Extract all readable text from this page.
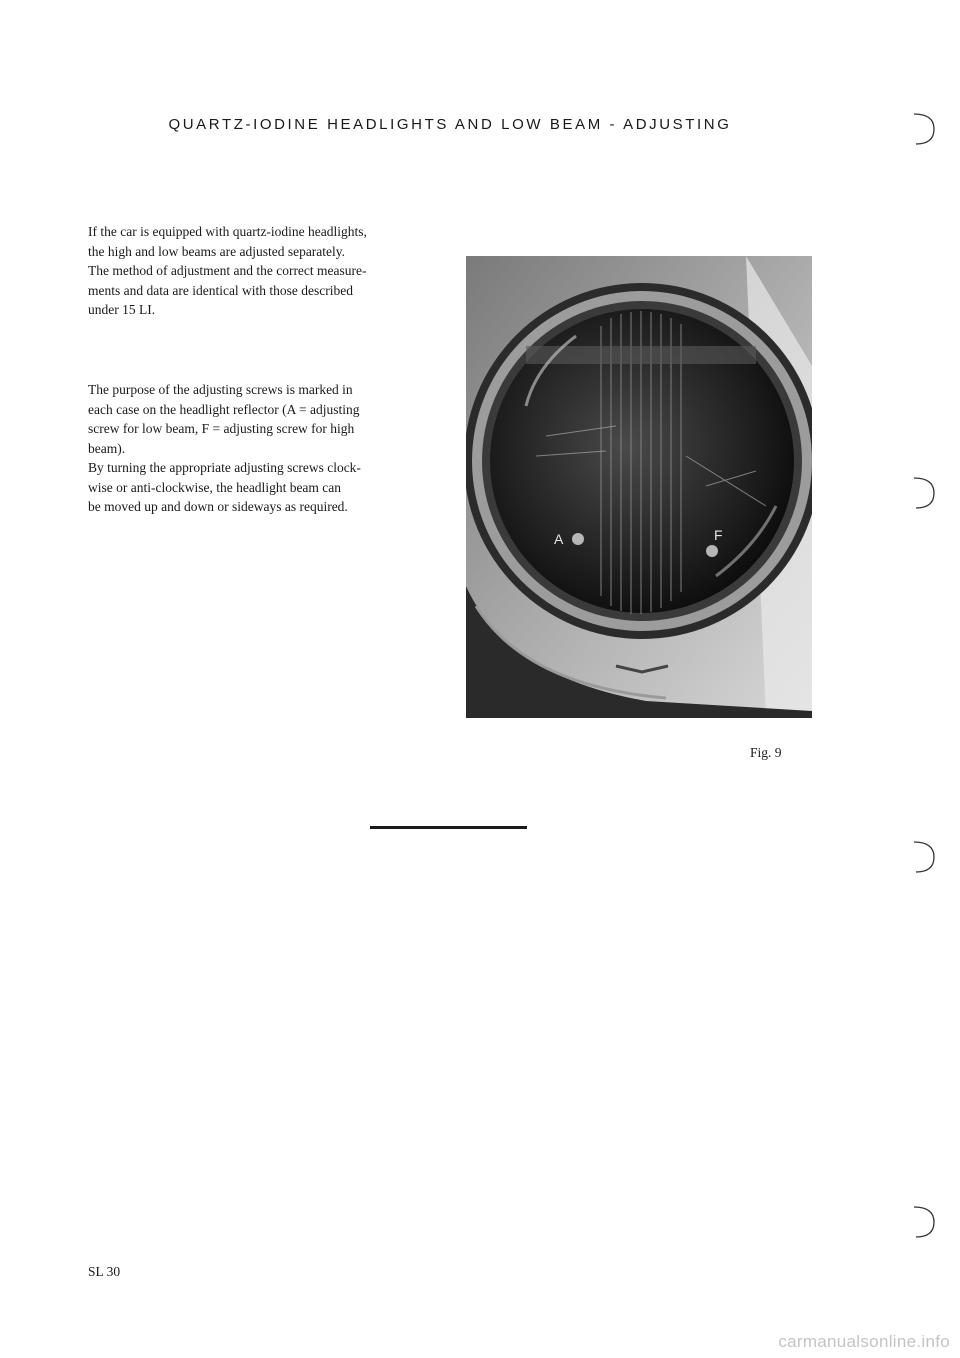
QUARTZ-IODINE HEADLIGHTS AND LOW BEAM - ADJUSTING

If the car is equipped with quartz-iodine headlights,
the high and low beams are adjusted separately.
The method of adjustment and the correct measure-
ments and data are identical with those described
under 15 LI.

The purpose of the adjusting screws is marked in
each case on the headlight reflector (A = adjusting
screw for low beam, F = adjusting screw for high
beam).
By turning the appropriate adjusting screws clock-
wise or anti-clockwise, the headlight beam can
be moved up and down or sideways as required.

A	F
Fig. 9
SL 30
carmanualsonline.info
